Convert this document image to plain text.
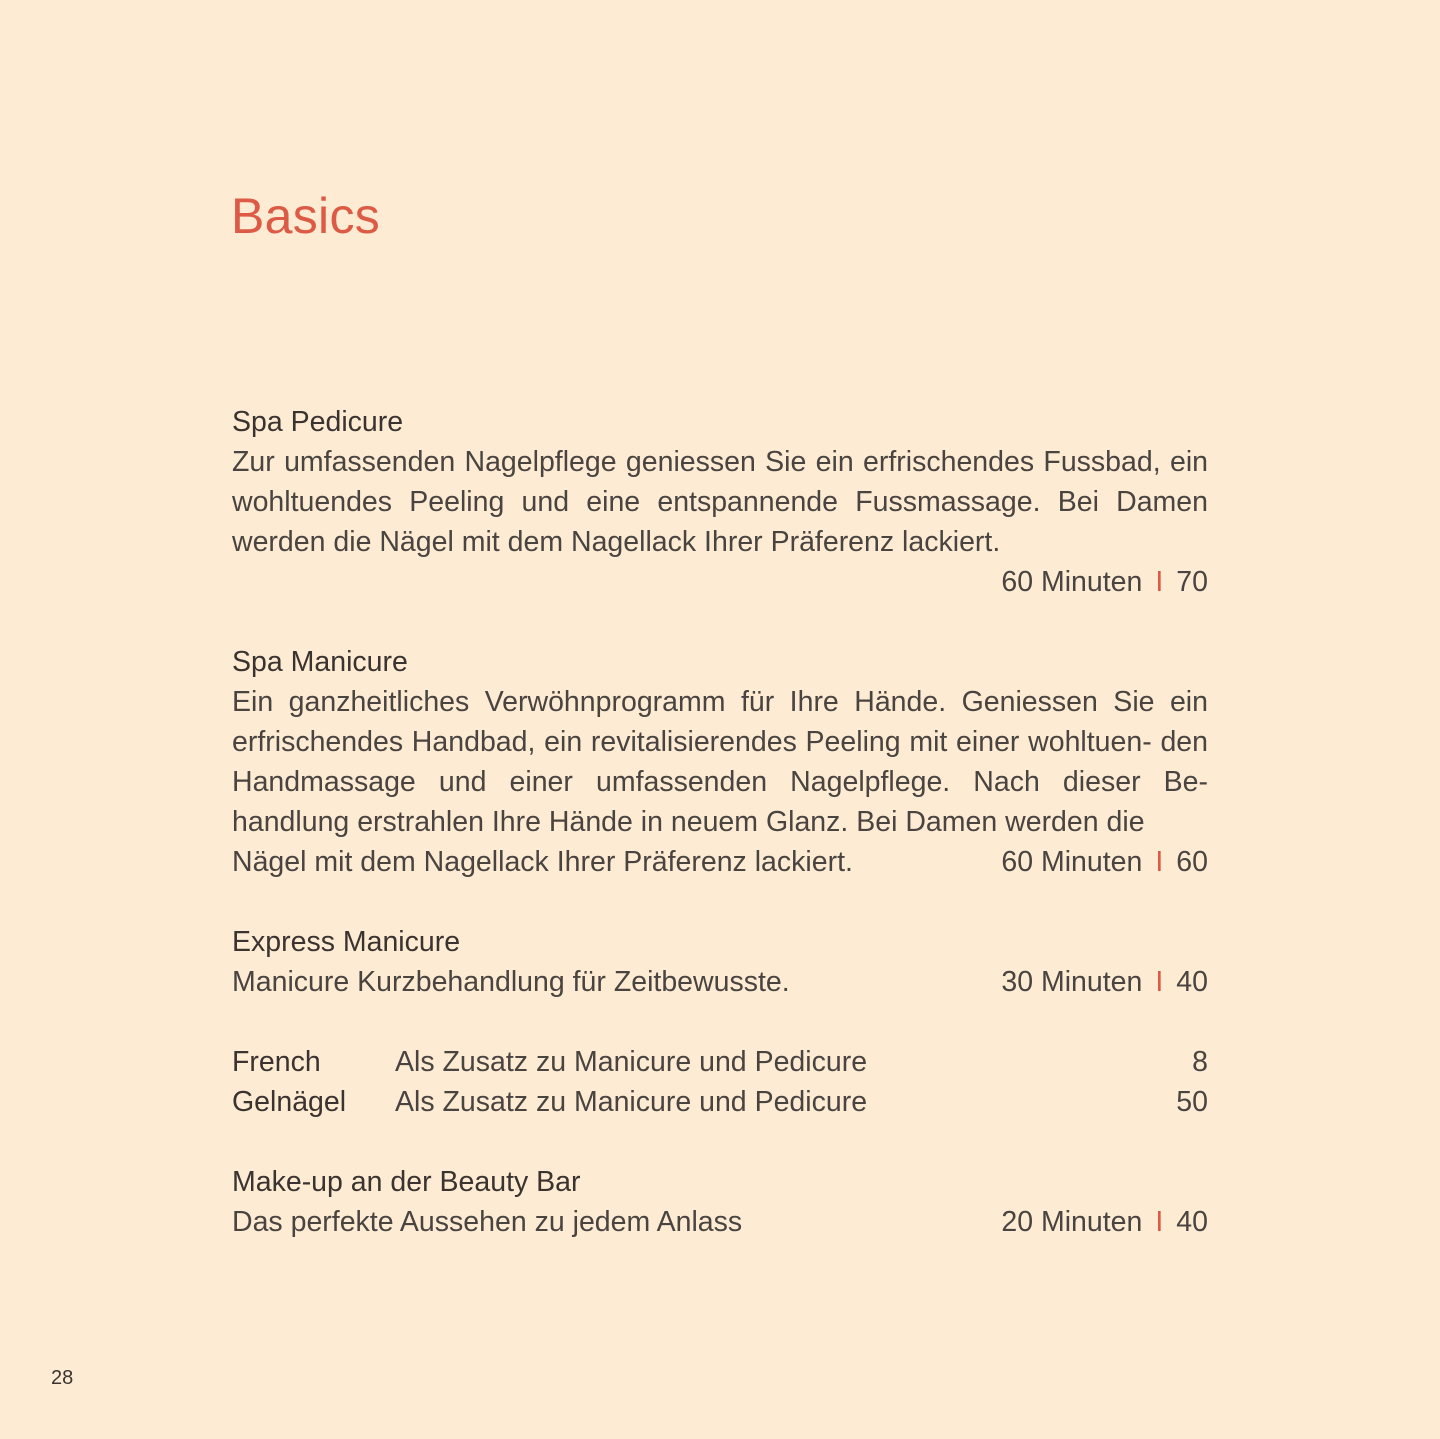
Basics
Spa Pedicure

Zur umfassenden Nagelpflege geniessen Sie ein erfrischendes Fussbad, ein wohltuendes Peeling und eine entspannende Fussmassage. Bei Damen werden die Nägel mit dem Nagellack Ihrer Präferenz lackiert.

60 Minuten I 70
Spa Manicure

Ein ganzheitliches Verwöhnprogramm für Ihre Hände. Geniessen Sie ein erfrischendes Handbad, ein revitalisierendes Peeling mit einer wohltuen- den Handmassage und einer umfassenden Nagelpflege. Nach dieser Be- handlung erstrahlen Ihre Hände in neuem Glanz. Bei Damen werden die

Nägel mit dem Nagellack Ihrer Präferenz lackiert.	60 Minuten I 60
Express Manicure
Manicure Kurzbehandlung für Zeitbewusste.	30 Minuten I 40
French	Als Zusatz zu Manicure und Pedicure	8
Gelnägel	Als Zusatz zu Manicure und Pedicure	50
Make-up an der Beauty Bar
Das perfekte Aussehen zu jedem Anlass	20 Minuten I 40
28
